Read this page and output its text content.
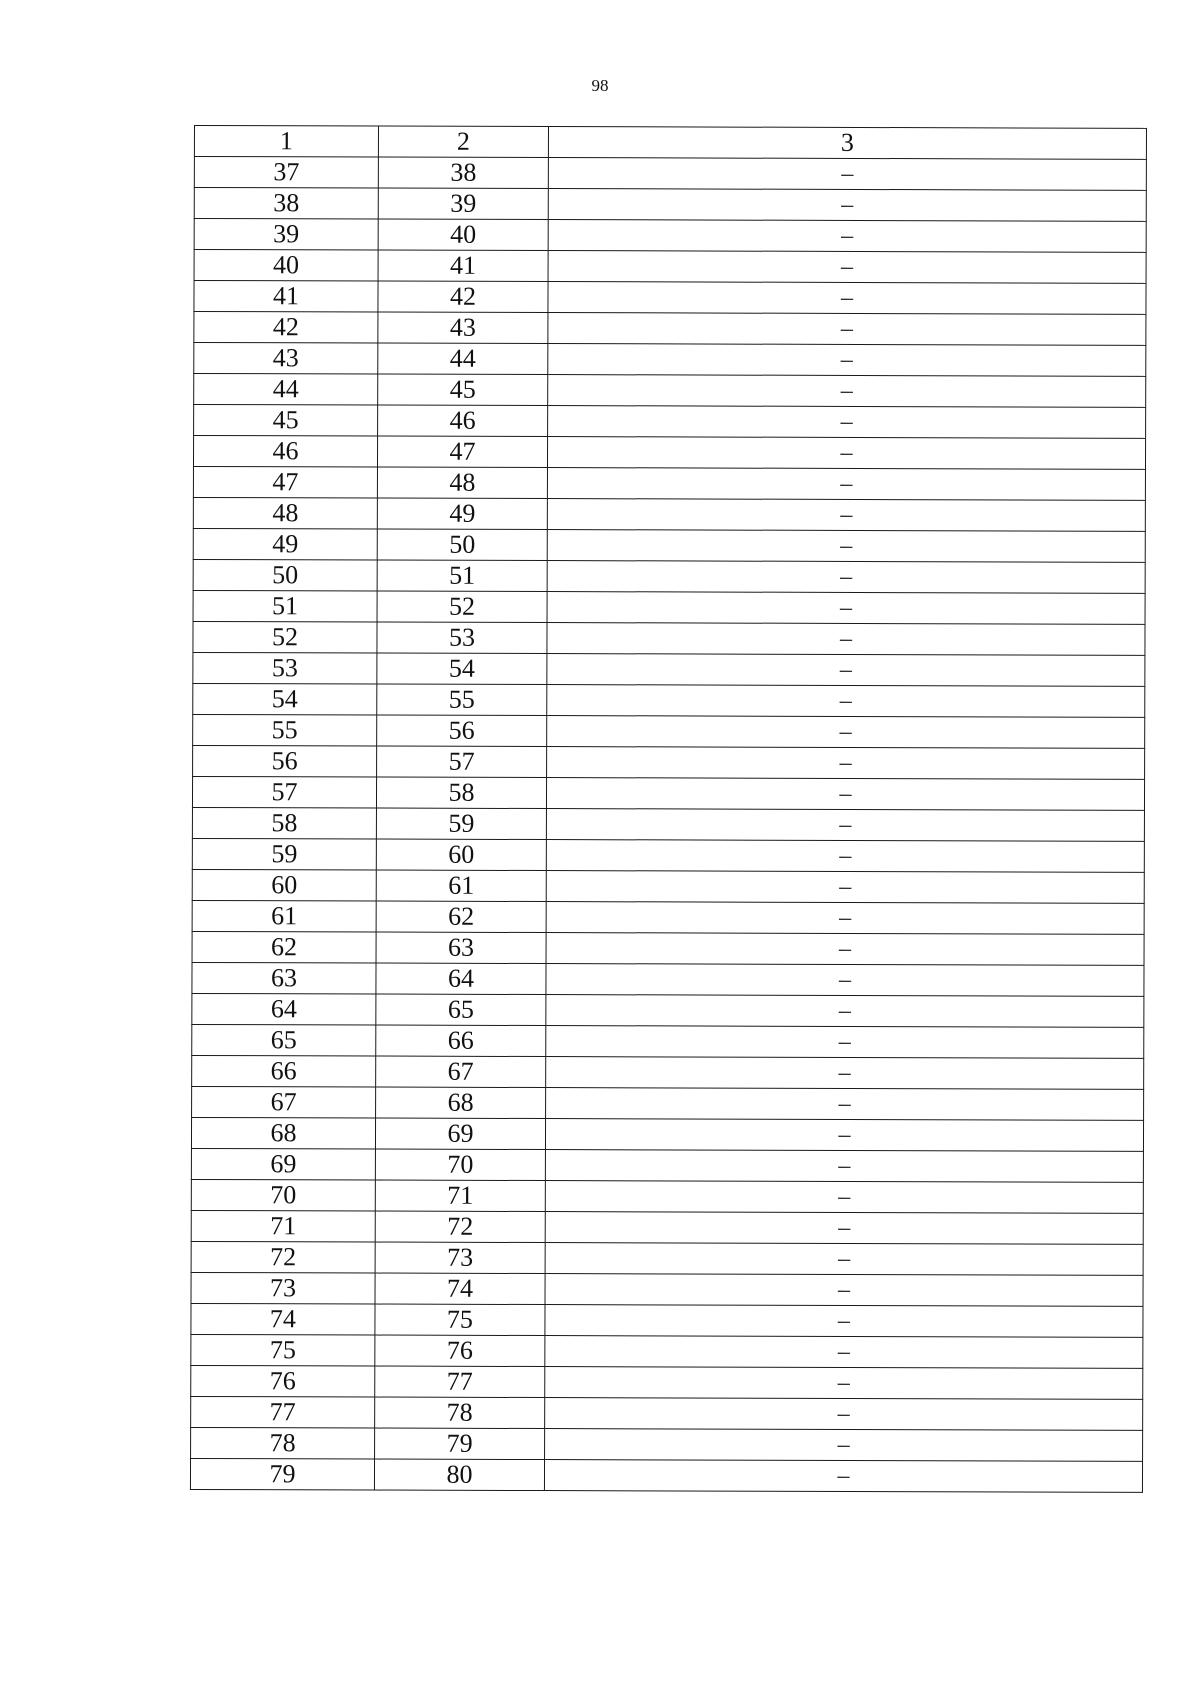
98
1	2	3
37	38	–
38	39	–
39	40	–
40	41	–
41	42	–
42	43	–
43	44	–
44	45	–
45	46	–
46	47	–
47	48	–
48	49	–
49	50	–
50	51	–
51	52	–
52	53	–
53	54	–
54	55	–
55	56	–
56	57	–
57	58	–
58	59	–
59	60	–
60	61	–
61	62	–
62	63	–
63	64	–
64	65	–
65	66	–
66	67	–
67	68	–
68	69	–
69	70	–
70	71	–
71	72	–
72	73	–
73	74	–
74	75	–
75	76	–
76	77	–
77	78	–
78	79	–
79	80	–
